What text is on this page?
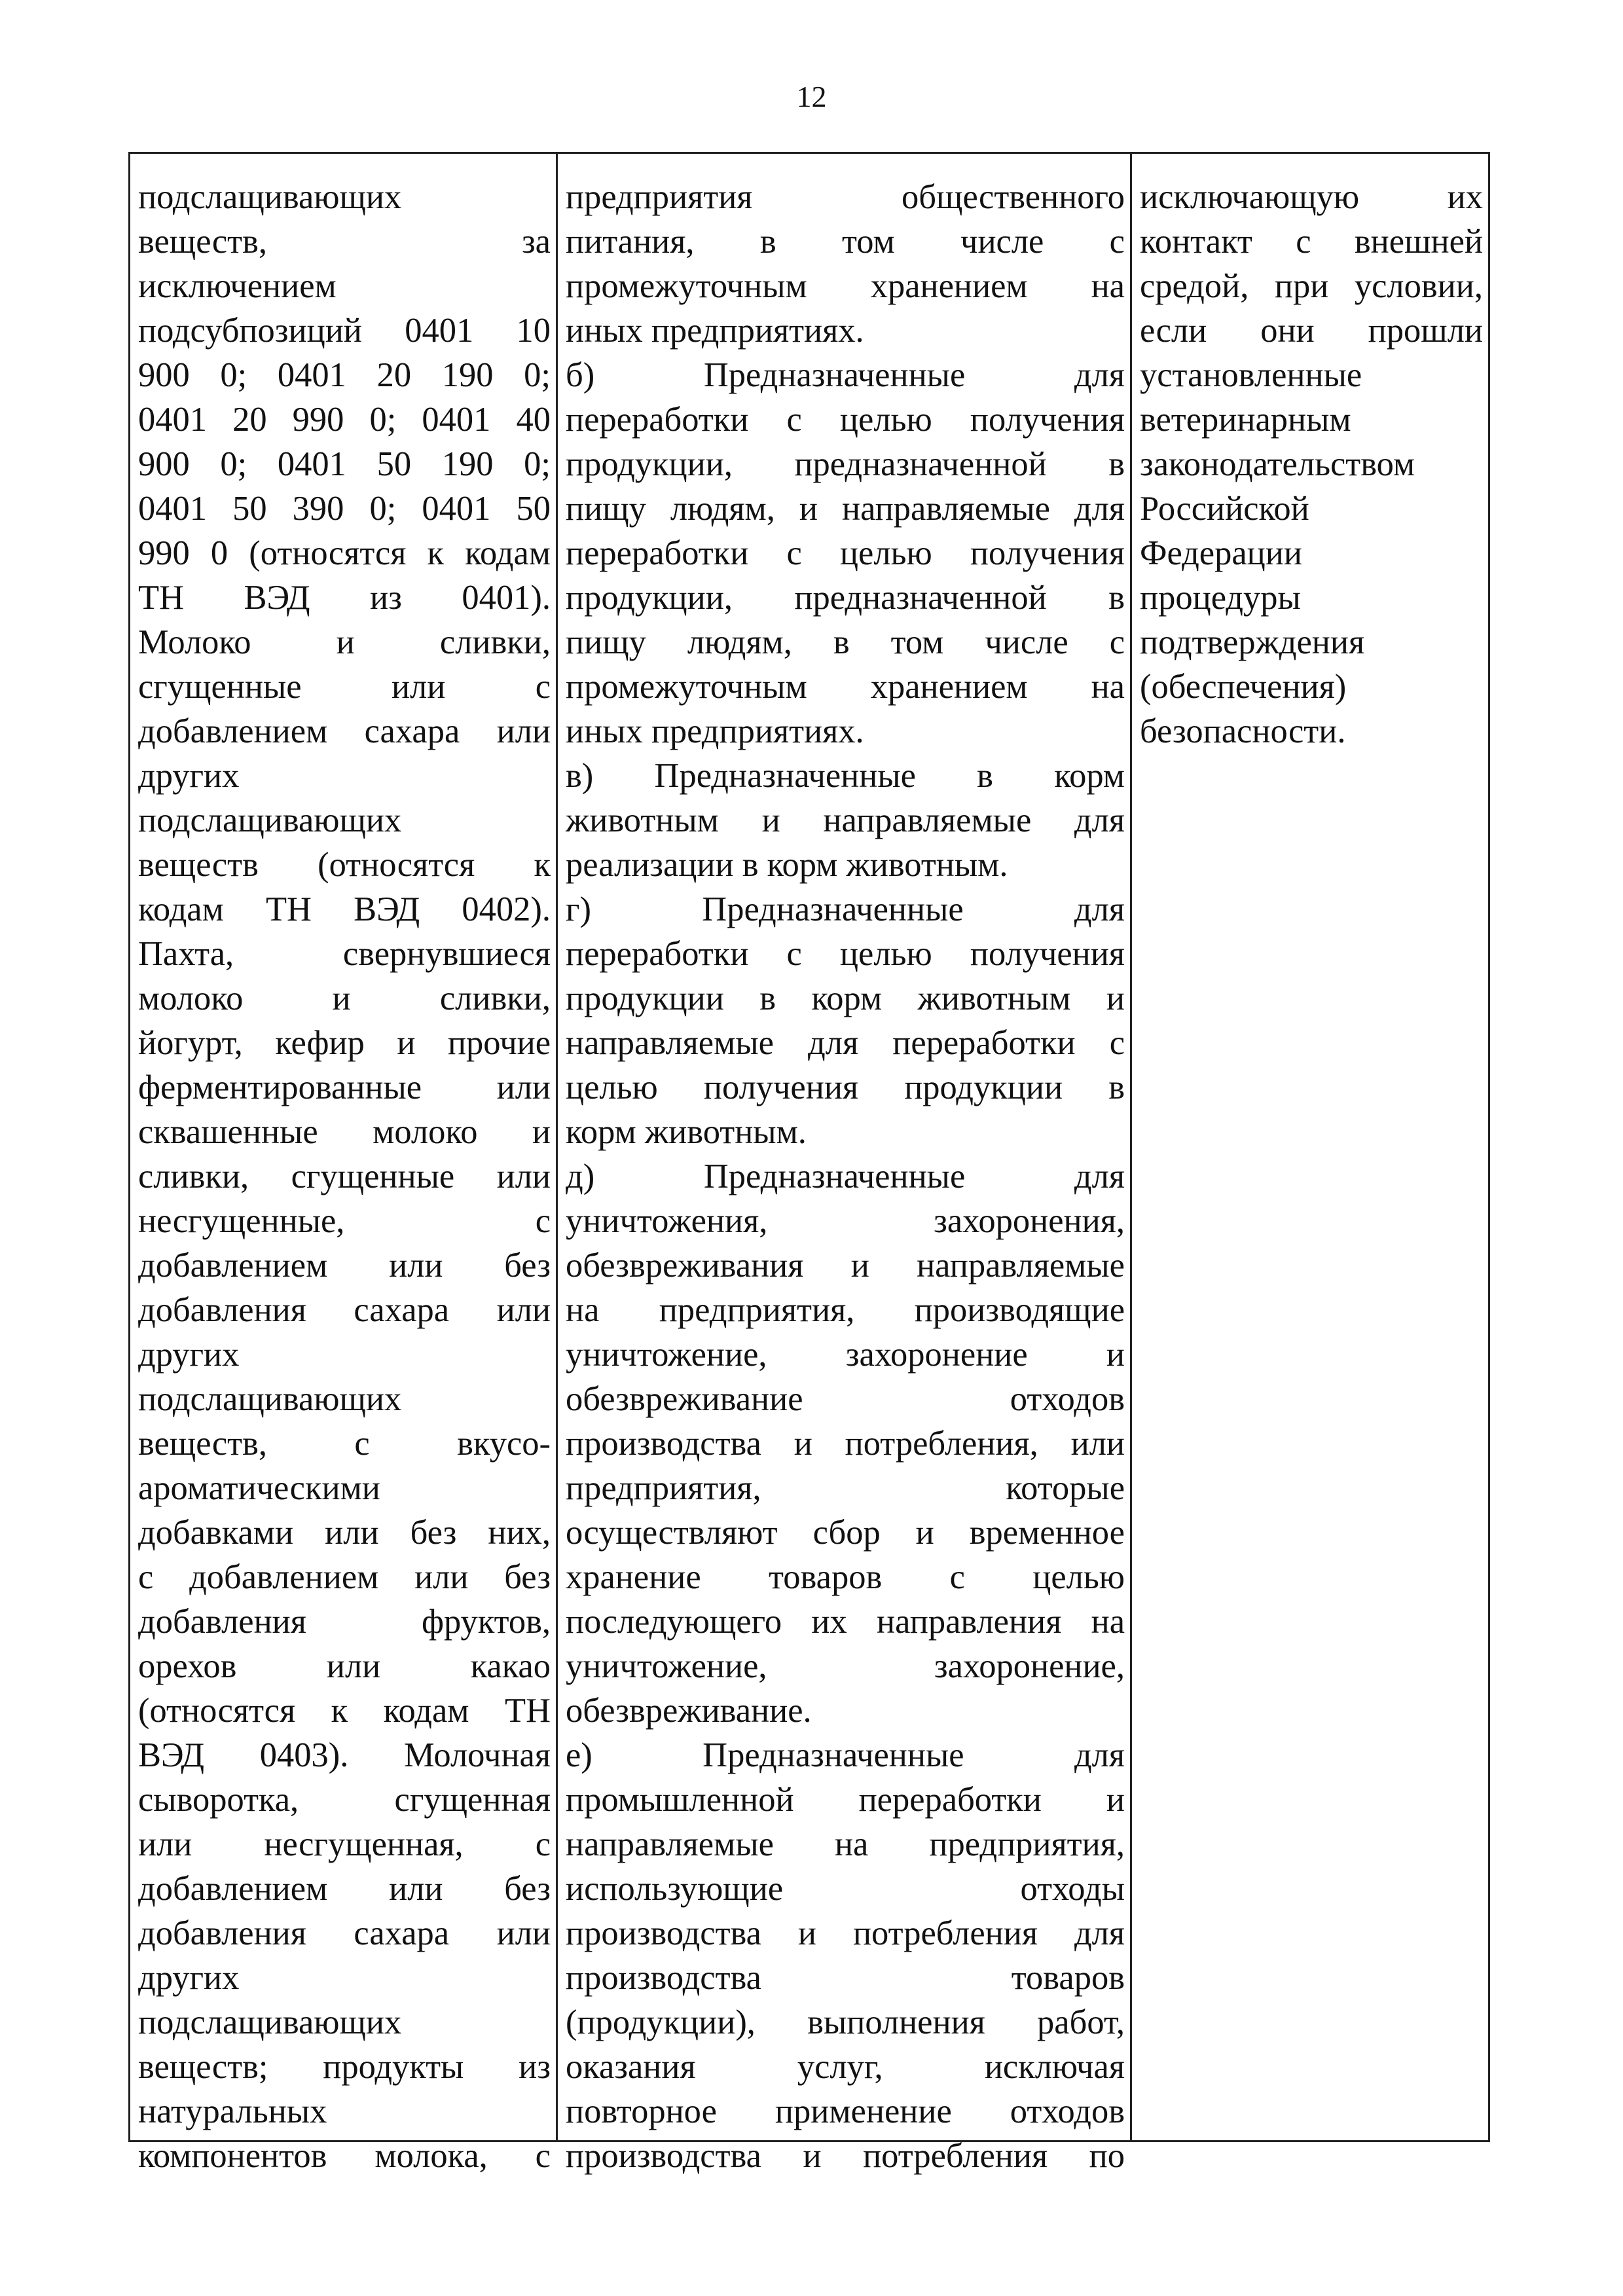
12
подслащивающих
веществ, за
исключением
подсубпозиций 0401 10
900 0; 0401 20 190 0;
0401 20 990 0; 0401 40
900 0; 0401 50 190 0;
0401 50 390 0; 0401 50
990 0 (относятся к кодам
ТН ВЭД из 0401).
Молоко и сливки,
сгущенные или с
добавлением сахара или
других
подслащивающих
веществ (относятся к
кодам ТН ВЭД 0402).
Пахта, свернувшиеся
молоко и сливки,
йогурт, кефир и прочие
ферментированные или
сквашенные молоко и
сливки, сгущенные или
несгущенные, с
добавлением или без
добавления сахара или
других
подслащивающих
веществ, с вкусо-
ароматическими
добавками или без них,
с добавлением или без
добавления фруктов,
орехов или какао
(относятся к кодам ТН
ВЭД 0403). Молочная
сыворотка, сгущенная
или несгущенная, с
добавлением или без
добавления сахара или
других
подслащивающих
веществ; продукты из
натуральных
компонентов молока, с
предприятия общественного
питания, в том числе с
промежуточным хранением на
иных предприятиях.
б) Предназначенные для
переработки с целью получения
продукции, предназначенной в
пищу людям, и направляемые для
переработки с целью получения
продукции, предназначенной в
пищу людям, в том числе с
промежуточным хранением на
иных предприятиях.
в) Предназначенные в корм
животным и направляемые для
реализации в корм животным.
г) Предназначенные для
переработки с целью получения
продукции в корм животным и
направляемые для переработки с
целью получения продукции в
корм животным.
д) Предназначенные для
уничтожения, захоронения,
обезвреживания и направляемые
на предприятия, производящие
уничтожение, захоронение и
обезвреживание отходов
производства и потребления, или
предприятия, которые
осуществляют сбор и временное
хранение товаров с целью
последующего их направления на
уничтожение, захоронение,
обезвреживание.
е) Предназначенные для
промышленной переработки и
направляемые на предприятия,
использующие отходы
производства и потребления для
производства товаров
(продукции), выполнения работ,
оказания услуг, исключая
повторное применение отходов
производства и потребления по
исключающую их
контакт с внешней
средой, при условии,
если они прошли
установленные
ветеринарным
законодательством
Российской
Федерации
процедуры
подтверждения
(обеспечения)
безопасности.
